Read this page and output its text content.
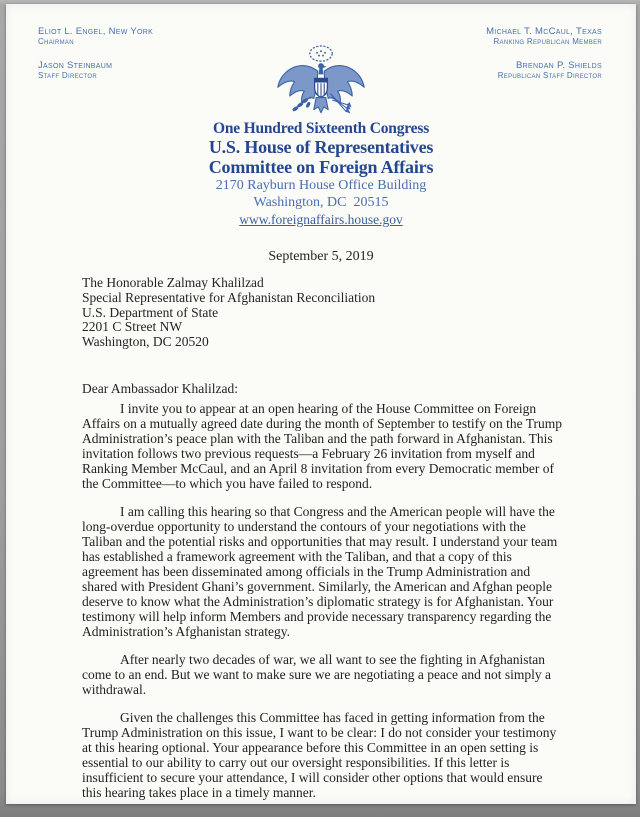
Eliot L. Engel, New York
Chairman
Jason Steinbaum
Staff Director
Michael T. McCaul, Texas
Ranking Republican Member
Brendan P. Shields
Republican Staff Director
One Hundred Sixteenth Congress
U.S. House of Representatives
Committee on Foreign Affairs
2170 Rayburn House Office Building
Washington, DC  20515
www.foreignaffairs.house.gov
September 5, 2019
The Honorable Zalmay Khalilzad
Special Representative for Afghanistan Reconciliation
U.S. Department of State
2201 C Street NW
Washington, DC 20520
Dear Ambassador Khalilzad:

I invite you to appear at an open hearing of the House Committee on Foreign Affairs on a mutually agreed date during the month of September to testify on the Trump Administration’s peace plan with the Taliban and the path forward in Afghanistan. This invitation follows two previous requests—a February 26 invitation from myself and Ranking Member McCaul, and an April 8 invitation from every Democratic member of the Committee—to which you have failed to respond.

I am calling this hearing so that Congress and the American people will have the long-overdue opportunity to understand the contours of your negotiations with the Taliban and the potential risks and opportunities that may result. I understand your team has established a framework agreement with the Taliban, and that a copy of this agreement has been disseminated among officials in the Trump Administration and shared with President Ghani’s government. Similarly, the American and Afghan people deserve to know what the Administration’s diplomatic strategy is for Afghanistan. Your testimony will help inform Members and provide necessary transparency regarding the Administration’s Afghanistan strategy.

After nearly two decades of war, we all want to see the fighting in Afghanistan come to an end. But we want to make sure we are negotiating a peace and not simply a withdrawal.

Given the challenges this Committee has faced in getting information from the Trump Administration on this issue, I want to be clear: I do not consider your testimony at this hearing optional. Your appearance before this Committee in an open setting is essential to our ability to carry out our oversight responsibilities. If this letter is insufficient to secure your attendance, I will consider other options that would ensure this hearing takes place in a timely manner.
